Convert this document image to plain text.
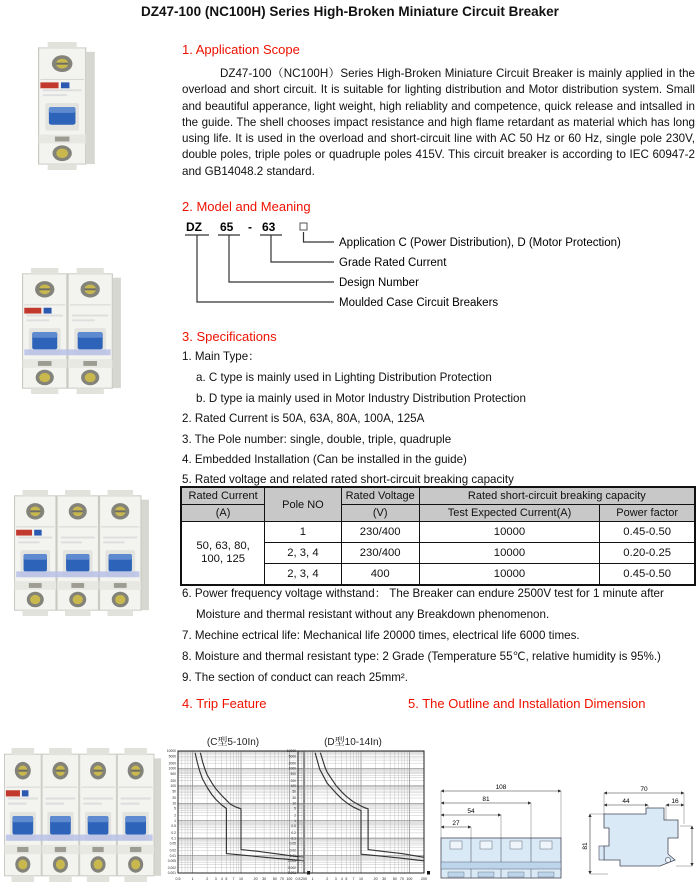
DZ47-100 (NC100H) Series High-Broken Miniature Circuit Breaker
1. Application Scope
DZ47-100（NC100H）Series High-Broken Miniature Circuit Breaker is mainly applied in the overload and short circuit. It is suitable for lighting distribution and Motor distribution system. Small and beautiful apperance, light weight, high reliablity and competence, quick release and intsalled in the guide. The shell chooses impact resistance and high flame retardant as material which has long using life. It is used in the overload and short-circuit line with AC 50 Hz or 60 Hz, single pole 230V, double poles, triple poles or quadruple poles 415V. This circuit breaker is according to IEC 60947-2 and GB14048.2 standard.
2. Model and Meaning
DZ 65 - 63
Application C (Power Distribution), D (Motor Protection)
Grade Rated Current
Design Number
Moulded Case Circuit Breakers
3. Specifications
1. Main Type：
a. C type is mainly used in Lighting Distribution Protection
b. D type ia mainly used in Motor Industry Distribution Protection
2. Rated Current is 50A, 63A, 80A, 100A, 125A
3. The Pole number: single, double, triple, quadruple
4. Embedded Installation (Can be installed in the guide)
5. Rated voltage and related rated short-circuit breaking capacity
Rated Current	Pole NO	Rated Voltage	Rated short-circuit breaking capacity	
(A)		(V)	Test Expected Current(A)	Power factor

50, 63, 80,
100, 125	1	230/400	10000	0.45-0.50
	2, 3, 4	230/400	10000	0.20-0.25
	2, 3, 4	400	10000	0.45-0.50
6. Power frequency voltage withstand： The Breaker can endure 2500V test for 1 minute after
Moisture and thermal resistant without any Breakdown phenomenon.
7. Mechine ectrical life: Mechanical life 20000 times, electrical life 6000 times.
8. Moisture and thermal resistant type: 2 Grade (Temperature 55℃, relative humidity is 95%.)
9. The section of conduct can reach 25mm².
4. Trip Feature	5. The Outline and Installation Dimension
(C型5-10In)	(D型10-14In)
0.5	1	2 3 4 5 7 10	20 30 50 70 100 200
10000
5000
2000
1000
500
200
100
50
20
10
5
2
1
0.5
0.2
0.1
0.05
0.02
0.01
0.005
0.002
0.001
0.5	1	2 3 4 5 7 10	20 30 50 70 100 200
10000
5000
2000
1000
500
200
100
50
20
10
5
2
1
0.5
0.2
0.1
0.05
0.02
0.01
0.005
0.002
0.001
108
81
54
27
70
44	16
81
